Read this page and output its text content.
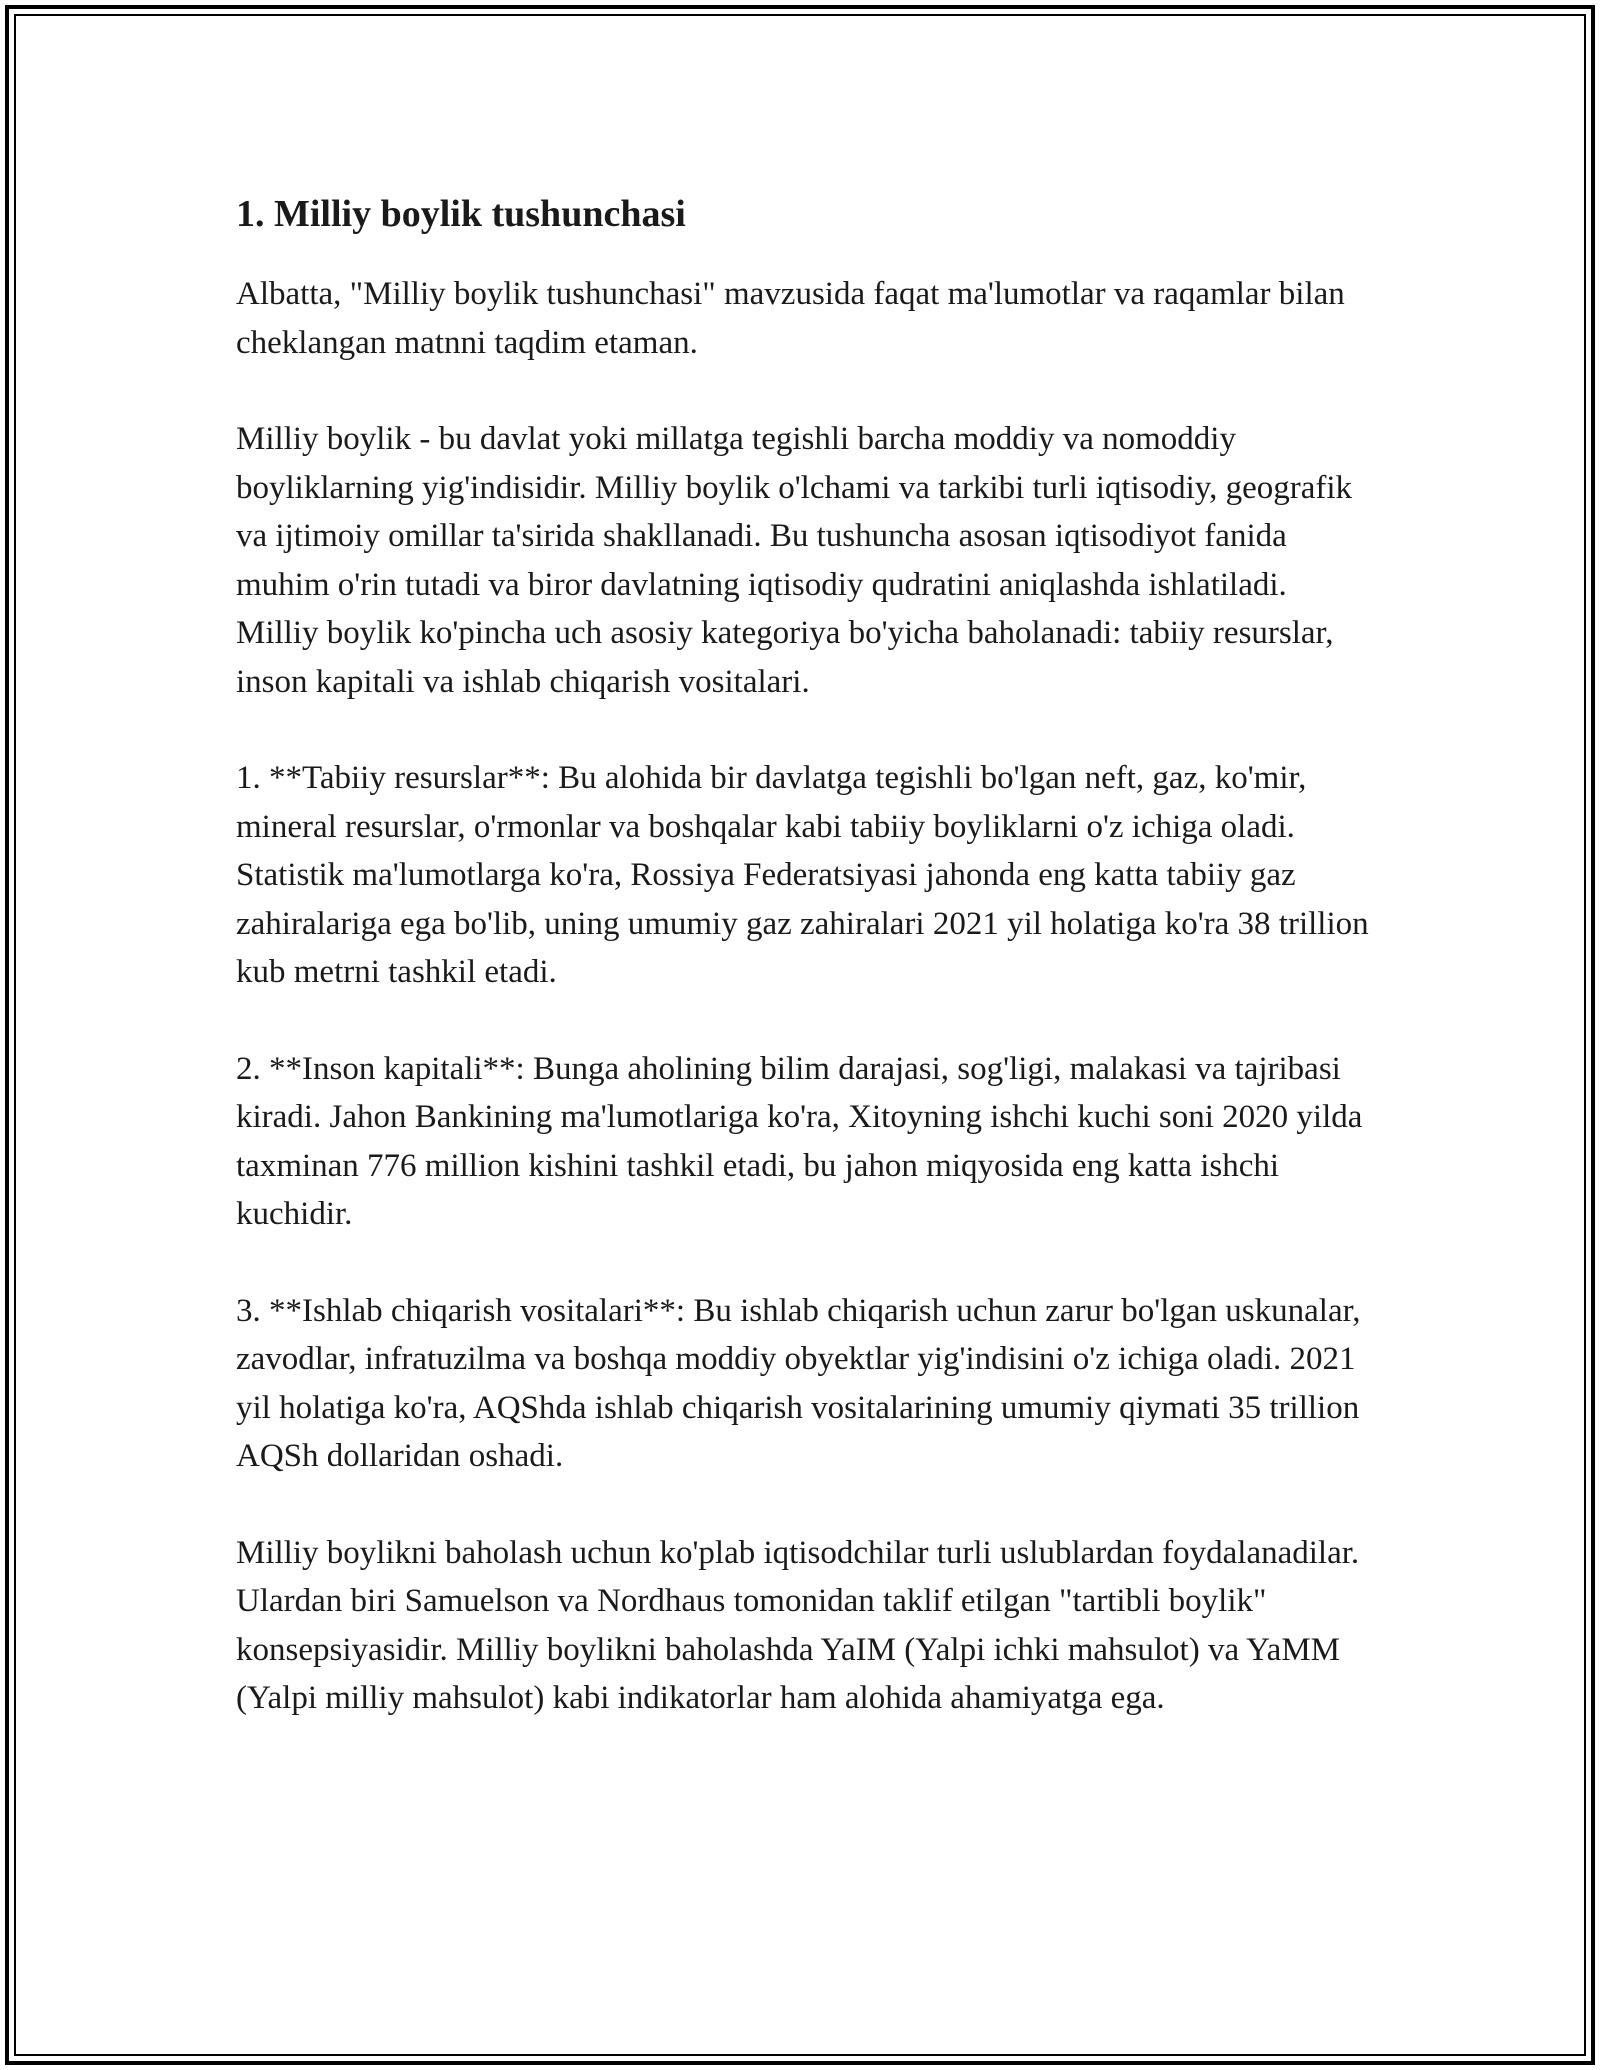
1. Milliy boylik tushunchasi

Albatta, "Milliy boylik tushunchasi" mavzusida faqat ma'lumotlar va raqamlar bilan cheklangan matnni taqdim etaman.

Milliy boylik - bu davlat yoki millatga tegishli barcha moddiy va nomoddiy boyliklarning yig'indisidir. Milliy boylik o'lchami va tarkibi turli iqtisodiy, geografik va ijtimoiy omillar ta'sirida shakllanadi. Bu tushuncha asosan iqtisodiyot fanida muhim o'rin tutadi va biror davlatning iqtisodiy qudratini aniqlashda ishlatiladi. Milliy boylik ko'pincha uch asosiy kategoriya bo'yicha baholanadi: tabiiy resurslar, inson kapitali va ishlab chiqarish vositalari.

1. **Tabiiy resurslar**: Bu alohida bir davlatga tegishli bo'lgan neft, gaz, ko'mir, mineral resurslar, o'rmonlar va boshqalar kabi tabiiy boyliklarni o'z ichiga oladi. Statistik ma'lumotlarga ko'ra, Rossiya Federatsiyasi jahonda eng katta tabiiy gaz zahiralariga ega bo'lib, uning umumiy gaz zahiralari 2021 yil holatiga ko'ra 38 trillion kub metrni tashkil etadi.

2. **Inson kapitali**: Bunga aholining bilim darajasi, sog'ligi, malakasi va tajribasi kiradi. Jahon Bankining ma'lumotlariga ko'ra, Xitoyning ishchi kuchi soni 2020 yilda taxminan 776 million kishini tashkil etadi, bu jahon miqyosida eng katta ishchi kuchidir.

3. **Ishlab chiqarish vositalari**: Bu ishlab chiqarish uchun zarur bo'lgan uskunalar, zavodlar, infratuzilma va boshqa moddiy obyektlar yig'indisini o'z ichiga oladi. 2021 yil holatiga ko'ra, AQShda ishlab chiqarish vositalarining umumiy qiymati 35 trillion AQSh dollaridan oshadi.

Milliy boylikni baholash uchun ko'plab iqtisodchilar turli uslublardan foydalanadilar. Ulardan biri Samuelson va Nordhaus tomonidan taklif etilgan "tartibli boylik" konsepsiyasidir. Milliy boylikni baholashda YaIM (Yalpi ichki mahsulot) va YaMM (Yalpi milliy mahsulot) kabi indikatorlar ham alohida ahamiyatga ega.
